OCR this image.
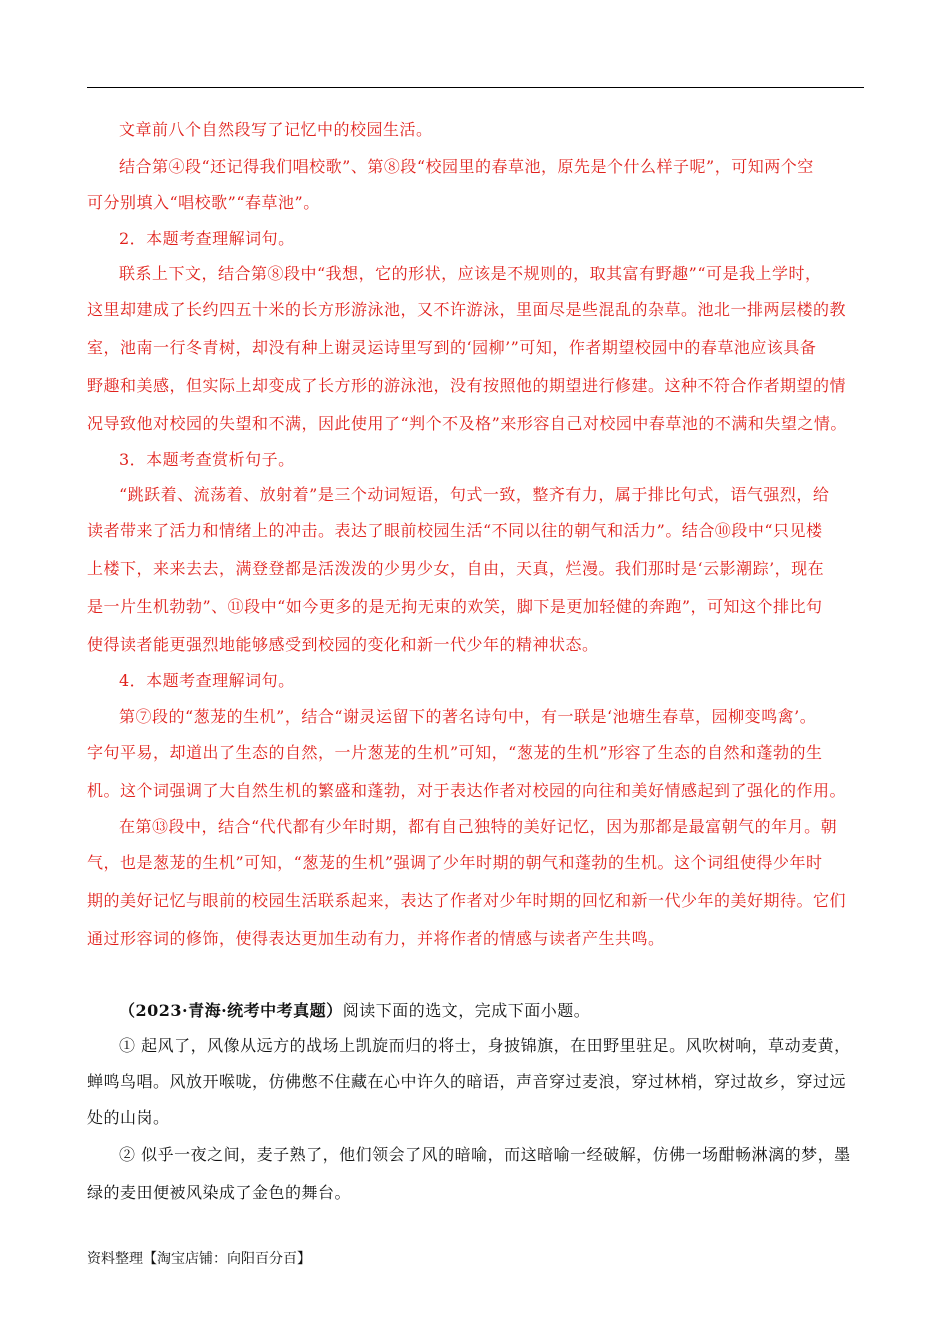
文章前八个自然段写了记忆中的校园生活。
结合第④段“还记得我们唱校歌”、第⑧段“校园里的春草池，原先是个什么样子呢”，可知两个空
可分别填入“唱校歌”“春草池”。
2．本题考查理解词句。
联系上下文，结合第⑧段中“我想，它的形状，应该是不规则的，取其富有野趣”“可是我上学时，
这里却建成了长约四五十米的长方形游泳池，又不许游泳，里面尽是些混乱的杂草。池北一排两层楼的教
室，池南一行冬青树，却没有种上谢灵运诗里写到的‘园柳’”可知，作者期望校园中的春草池应该具备
野趣和美感，但实际上却变成了长方形的游泳池，没有按照他的期望进行修建。这种不符合作者期望的情
况导致他对校园的失望和不满，因此使用了“判个不及格”来形容自己对校园中春草池的不满和失望之情。
3．本题考查赏析句子。
“跳跃着、流荡着、放射着”是三个动词短语，句式一致，整齐有力，属于排比句式，语气强烈，给
读者带来了活力和情绪上的冲击。表达了眼前校园生活“不同以往的朝气和活力”。结合⑩段中“只见楼
上楼下，来来去去，满登登都是活泼泼的少男少女，自由，天真，烂漫。我们那时是‘云影潮踪’，现在
是一片生机勃勃”、⑪段中“如今更多的是无拘无束的欢笑，脚下是更加轻健的奔跑”，可知这个排比句
使得读者能更强烈地能够感受到校园的变化和新一代少年的精神状态。
4．本题考查理解词句。
第⑦段的“葱茏的生机”，结合“谢灵运留下的著名诗句中，有一联是‘池塘生春草，园柳变鸣禽’。
字句平易，却道出了生态的自然，一片葱茏的生机”可知，“葱茏的生机”形容了生态的自然和蓬勃的生
机。这个词强调了大自然生机的繁盛和蓬勃，对于表达作者对校园的向往和美好情感起到了强化的作用。
在第⑬段中，结合“代代都有少年时期，都有自己独特的美好记忆，因为那都是最富朝气的年月。朝
气，也是葱茏的生机”可知，“葱茏的生机”强调了少年时期的朝气和蓬勃的生机。这个词组使得少年时
期的美好记忆与眼前的校园生活联系起来，表达了作者对少年时期的回忆和新一代少年的美好期待。它们
通过形容词的修饰，使得表达更加生动有力，并将作者的情感与读者产生共鸣。
（2023·青海·统考中考真题）阅读下面的选文，完成下面小题。
① 起风了，风像从远方的战场上凯旋而归的将士，身披锦旗，在田野里驻足。风吹树响，草动麦黄，
蝉鸣鸟唱。风放开喉咙，仿佛憋不住藏在心中许久的暗语，声音穿过麦浪，穿过林梢，穿过故乡，穿过远
处的山岗。
② 似乎一夜之间，麦子熟了，他们领会了风的暗喻，而这暗喻一经破解，仿佛一场酣畅淋漓的梦，墨
绿的麦田便被风染成了金色的舞台。
资料整理【淘宝店铺：向阳百分百】
